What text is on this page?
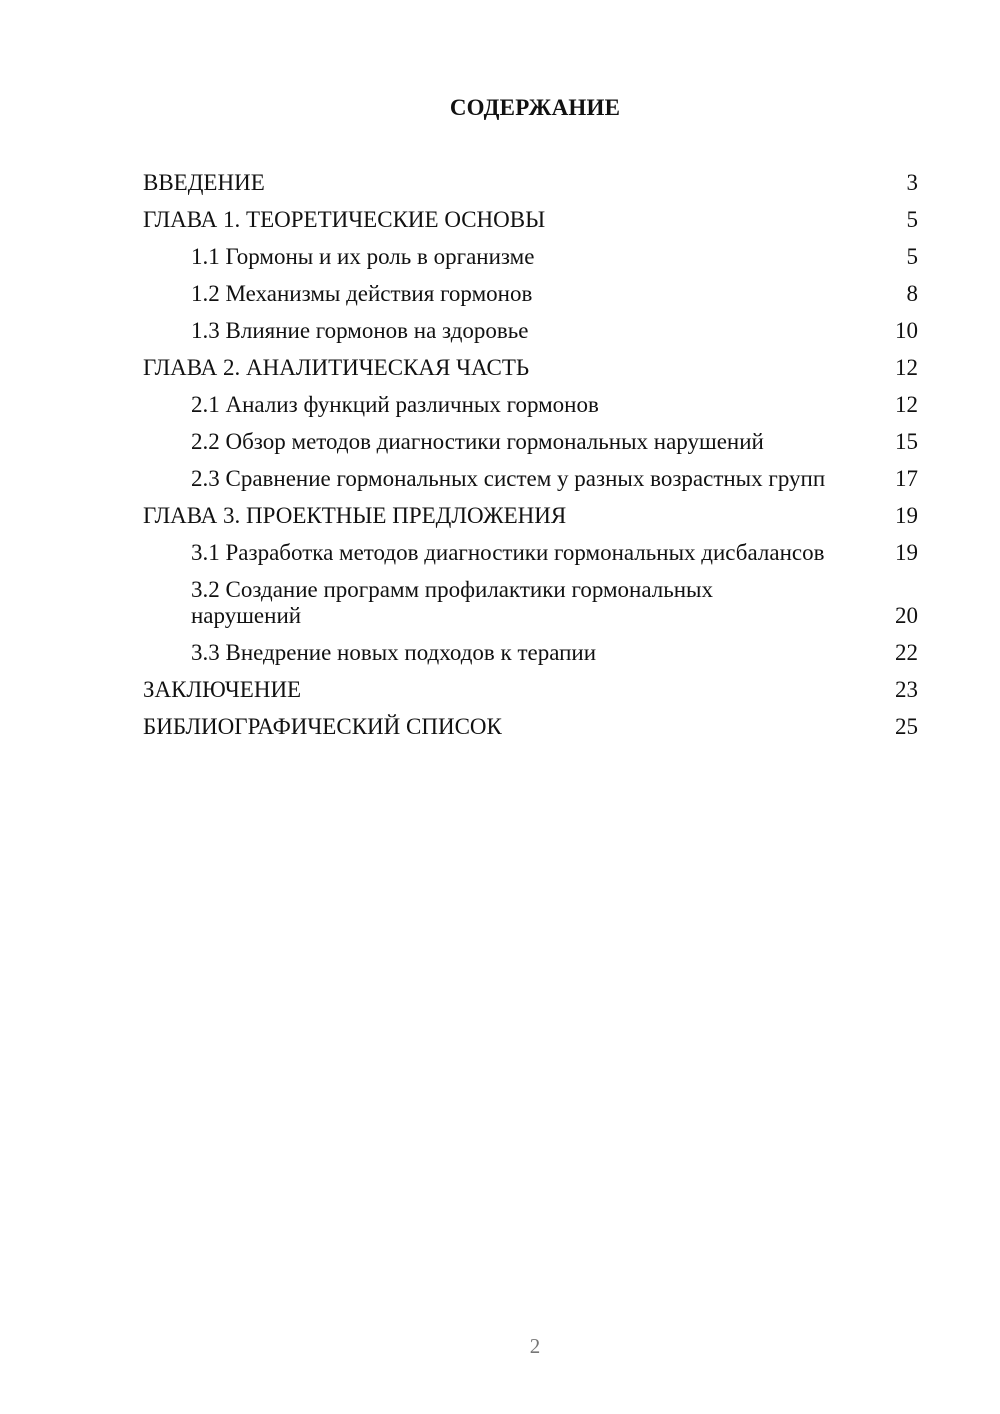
СОДЕРЖАНИЕ
ВВЕДЕНИЕ	3
ГЛАВА 1. ТЕОРЕТИЧЕСКИЕ ОСНОВЫ	5
1.1 Гормоны и их роль в организме	5
1.2 Механизмы действия гормонов	8
1.3 Влияние гормонов на здоровье	10
ГЛАВА 2. АНАЛИТИЧЕСКАЯ ЧАСТЬ	12
2.1 Анализ функций различных гормонов	12
2.2 Обзор методов диагностики гормональных нарушений	15
2.3 Сравнение гормональных систем у разных возрастных групп	17
ГЛАВА 3. ПРОЕКТНЫЕ ПРЕДЛОЖЕНИЯ	19
3.1 Разработка методов диагностики гормональных дисбалансов	19
3.2 Создание программ профилактики гормональных нарушений	20
3.3 Внедрение новых подходов к терапии	22
ЗАКЛЮЧЕНИЕ	23
БИБЛИОГРАФИЧЕСКИЙ СПИСОК	25
2
